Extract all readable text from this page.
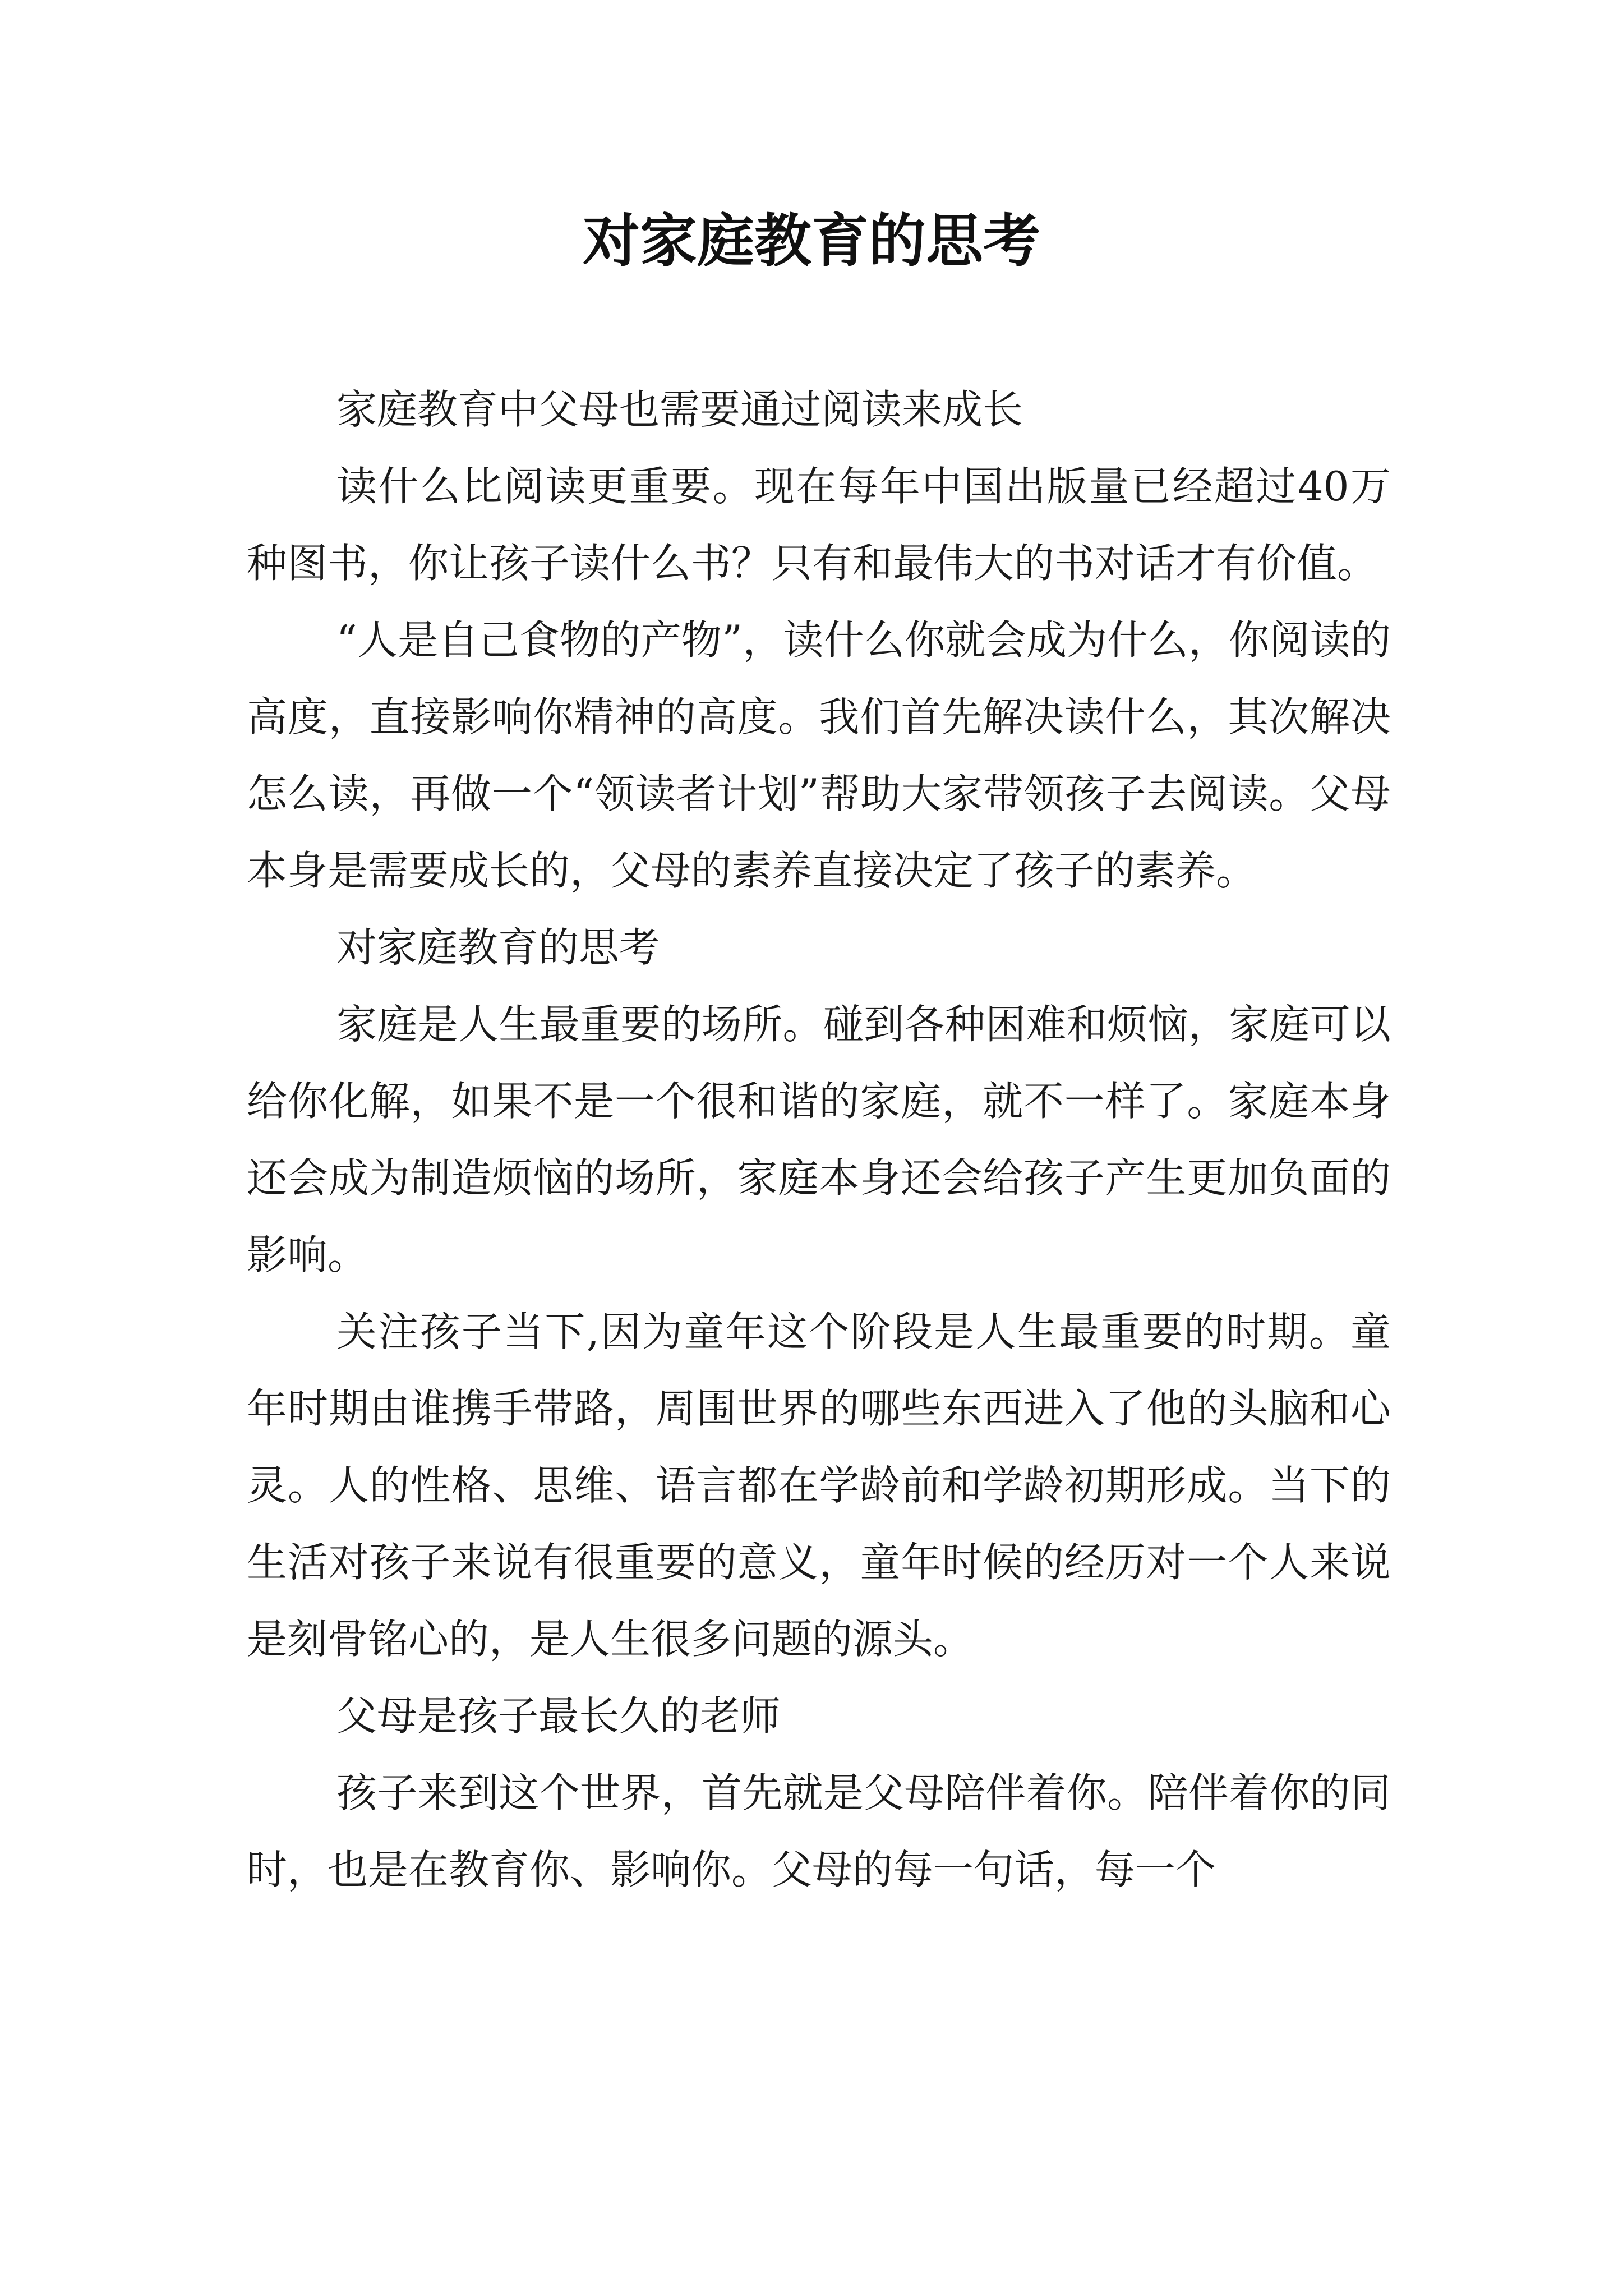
对家庭教育的思考

家庭教育中父母也需要通过阅读来成长

读什么比阅读更重要。现在每年中国出版量已经超过40万种图书，你让孩子读什么书？只有和最伟大的书对话才有价值。

“人是自己食物的产物”，读什么你就会成为什么，你阅读的高度，直接影响你精神的高度。我们首先解决读什么，其次解决怎么读，再做一个“领读者计划”帮助大家带领孩子去阅读。父母本身是需要成长的，父母的素养直接决定了孩子的素养。

对家庭教育的思考

家庭是人生最重要的场所。碰到各种困难和烦恼，家庭可以给你化解，如果不是一个很和谐的家庭，就不一样了。家庭本身还会成为制造烦恼的场所，家庭本身还会给孩子产生更加负面的影响。

关注孩子当下,因为童年这个阶段是人生最重要的时期。童年时期由谁携手带路，周围世界的哪些东西进入了他的头脑和心灵。人的性格、思维、语言都在学龄前和学龄初期形成。当下的生活对孩子来说有很重要的意义，童年时候的经历对一个人来说是刻骨铭心的，是人生很多问题的源头。

父母是孩子最长久的老师

孩子来到这个世界，首先就是父母陪伴着你。陪伴着你的同时，也是在教育你、影响你。父母的每一句话，每一个
